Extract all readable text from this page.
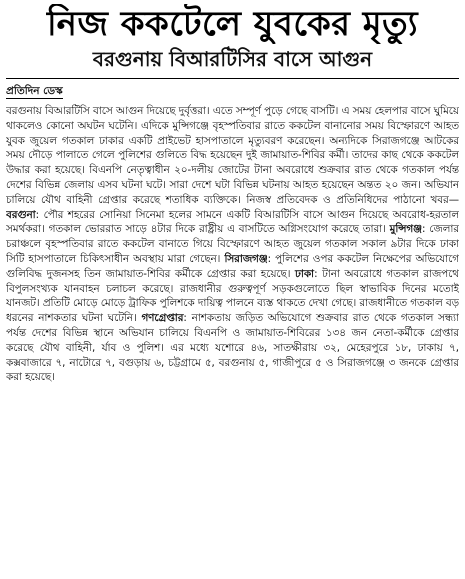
নিজ ককটেলে যুবকের মৃত্যু
বরগুনায় বিআরটিসির বাসে আগুন
প্রতিদিন ডেস্ক
বরগুনায় বিআরটিসি বাসে আগুন দিয়েছে দুর্বৃত্তরা। এতে সম্পূর্ণ পুড়ে গেছে বাসটি। এ সময় হেলপার বাসে ঘুমিয়ে থাকলেও কোনো অঘটন ঘটেনি। এদিকে মুন্সিগঞ্জে বৃহস্পতিবার রাতে ককটেল বানানোর সময় বিস্ফোরণে আহত যুবক জুয়েল গতকাল ঢাকার একটি প্রাইভেট হাসপাতালে মৃত্যুবরণ করেছেন। অন্যদিকে সিরাজগঞ্জে আটকের সময় দৌড়ে পালাতে গেলে পুলিশের গুলিতে বিদ্ধ হয়েছেন দুই জামায়াত-শিবির কর্মী। তাদের কাছ থেকে ককটেল উদ্ধার করা হয়েছে। বিএনপি নেতৃত্বাধীন ২০-দলীয় জোটের টানা অবরোধে শুক্রবার রাত থেকে গতকাল পর্যন্ত দেশের বিভিন্ন জেলায় এসব ঘটনা ঘটে। সারা দেশে ঘটা বিভিন্ন ঘটনায় আহত হয়েছেন অন্তত ২০ জন। অভিযান চালিয়ে যৌথ বাহিনী গ্রেপ্তার করেছে শতাধিক ব্যক্তিকে। নিজস্ব প্রতিবেদক ও প্রতিনিধিদের পাঠানো খবর— বরগুনা: পৌর শহরের সোনিয়া সিনেমা হলের সামনে একটি বিআরটিসি বাসে আগুন দিয়েছে অবরোধ-হরতাল সমর্থকরা। গতকাল ভোররাত সাড়ে ৪টার দিকে রাষ্ট্রীয় এ বাসটিতে অগ্নিসংযোগ করেছে তারা। মুন্সিগঞ্জ: জেলার চরাঞ্চলে বৃহস্পতিবার রাতে ককটেল বানাতে গিয়ে বিস্ফোরণে আহত জুয়েল গতকাল সকাল ৯টার দিকে ঢাকা সিটি হাসপাতালে চিকিৎসাধীন অবস্থায় মারা গেছেন। সিরাজগঞ্জ: পুলিশের ওপর ককটেল নিক্ষেপের অভিযোগে গুলিবিদ্ধ দুজনসহ তিন জামায়াত-শিবির কর্মীকে গ্রেপ্তার করা হয়েছে। ঢাকা: টানা অবরোধে গতকাল রাজপথে বিপুলসংখ্যক যানবাহন চলাচল করেছে। রাজধানীর গুরুত্বপূর্ণ সড়কগুলোতে ছিল স্বাভাবিক দিনের মতোই যানজট। প্রতিটি মোড়ে মোড়ে ট্রাফিক পুলিশকে দায়িত্ব পালনে ব্যস্ত থাকতে দেখা গেছে। রাজধানীতে গতকাল বড় ধরনের নাশকতার ঘটনা ঘটেনি। গণগ্রেপ্তার: নাশকতায় জড়িত অভিযোগে শুক্রবার রাত থেকে গতকাল সন্ধ্যা পর্যন্ত দেশের বিভিন্ন স্থানে অভিযান চালিয়ে বিএনপি ও জামায়াত-শিবিরের ১৩৪ জন নেতা-কর্মীকে গ্রেপ্তার করেছে যৌথ বাহিনী, র্যাব ও পুলিশ। এর মধ্যে যশোরে ৪৬, সাতক্ষীরায় ৩২, মেহেরপুরে ১৮, ঢাকায় ৭, কক্সবাজারে ৭, নাটোরে ৭, বগুড়ায় ৬, চট্টগ্রামে ৫, বরগুনায় ৫, গাজীপুরে ৫ ও সিরাজগঞ্জে ৩ জনকে গ্রেপ্তার করা হয়েছে।
